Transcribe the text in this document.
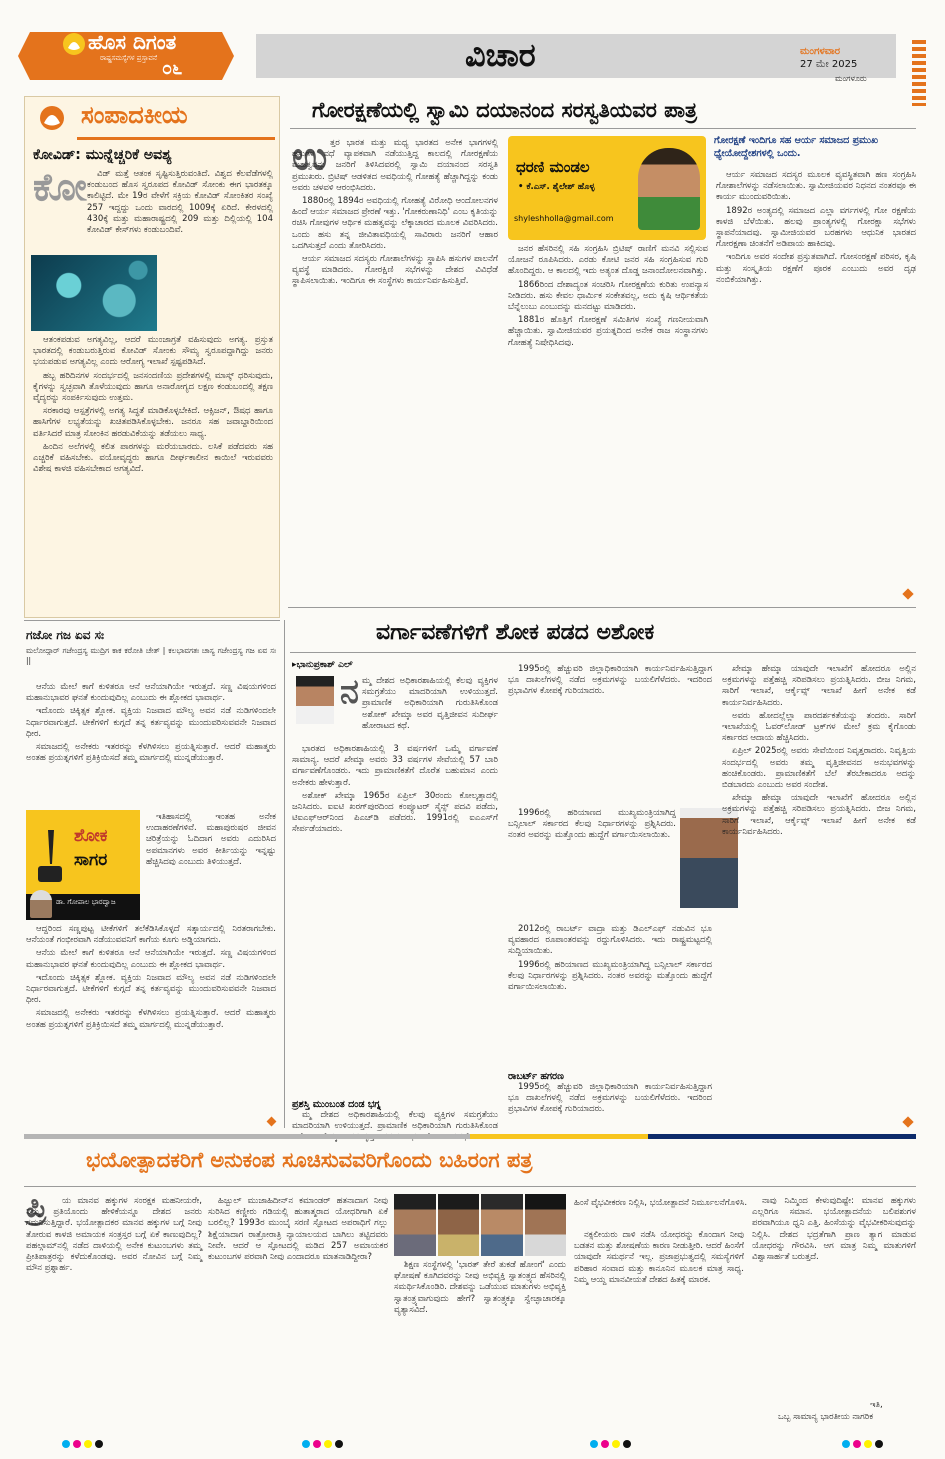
ಹೊಸ ದಿಗಂತ
ರಾಷ್ಟ್ರಸಮಸ್ಯೆಗಳ ಪ್ರಸ್ತಾವನೆ ೦೬	ವಿಚಾರ	ಮಂಗಳವಾರ
27 ಮೇ 2025
ಮಂಗಳೂರು
ಸಂಪಾದಕೀಯ
ಕೋವಿಡ್: ಮುನ್ನೆಚ್ಚರಿಕೆ ಅವಶ್ಯ
ಕೋ	ವಿಡ್ ಮತ್ತೆ ಆತಂಕ ಸೃಷ್ಟಿಸುತ್ತಿರುವಂತಿದೆ. ವಿಶ್ವದ ಕೆಲವೆಡೆಗಳಲ್ಲಿ ಕಂಡುಬಂದ ಹೊಸ ಸ್ವರೂಪದ ಕೋವಿಡ್ ಸೋಂಕು ಈಗ ಭಾರತಕ್ಕೂ ಕಾಲಿಟ್ಟಿದೆ. ಮೇ 19ರ ವೇಳೆಗೆ ಸಕ್ರಿಯ ಕೋವಿಡ್ ಸೋಂಕಿತರ ಸಂಖ್ಯೆ 257 ಇದ್ದದ್ದು ಒಂದು ವಾರದಲ್ಲಿ 1009ಕ್ಕೆ ಏರಿದೆ. ಕೇರಳದಲ್ಲಿ 430ಕ್ಕೆ ಮತ್ತು ಮಹಾರಾಷ್ಟ್ರದಲ್ಲಿ 209 ಮತ್ತು ದಿಲ್ಲಿಯಲ್ಲಿ 104 ಕೋವಿಡ್ ಕೇಸ್‌ಗಳು ಕಂಡುಬಂದಿವೆ.

ಆತಂಕಪಡುವ ಅಗತ್ಯವಿಲ್ಲ, ಆದರೆ ಮುಂಜಾಗ್ರತೆ ವಹಿಸುವುದು ಅಗತ್ಯ. ಪ್ರಸ್ತುತ ಭಾರತದಲ್ಲಿ ಕಂಡುಬರುತ್ತಿರುವ ಕೋವಿಡ್ ಸೋಂಕು ಸೌಮ್ಯ ಸ್ವರೂಪದ್ದಾಗಿದ್ದು ಜನರು ಭಯಪಡುವ ಅಗತ್ಯವಿಲ್ಲ ಎಂದು ಆರೋಗ್ಯ ಇಲಾಖೆ ಸ್ಪಷ್ಟಪಡಿಸಿದೆ.

ಹಬ್ಬ ಹರಿದಿನಗಳ ಸಂದರ್ಭದಲ್ಲಿ ಜನಸಂದಣಿಯ ಪ್ರದೇಶಗಳಲ್ಲಿ ಮಾಸ್ಕ್ ಧರಿಸುವುದು, ಕೈಗಳನ್ನು ಸ್ವಚ್ಛವಾಗಿ ತೊಳೆಯುವುದು ಹಾಗೂ ಅನಾರೋಗ್ಯದ ಲಕ್ಷಣ ಕಂಡುಬಂದಲ್ಲಿ ತಕ್ಷಣ ವೈದ್ಯರನ್ನು ಸಂಪರ್ಕಿಸುವುದು ಉತ್ತಮ.

ಸರಕಾರವು ಆಸ್ಪತ್ರೆಗಳಲ್ಲಿ ಅಗತ್ಯ ಸಿದ್ಧತೆ ಮಾಡಿಕೊಳ್ಳಬೇಕಿದೆ. ಆಕ್ಸಿಜನ್, ಔಷಧ ಹಾಗೂ ಹಾಸಿಗೆಗಳ ಲಭ್ಯತೆಯನ್ನು ಖಚಿತಪಡಿಸಿಕೊಳ್ಳಬೇಕು. ಜನರೂ ಸಹ ಜವಾಬ್ದಾರಿಯಿಂದ ವರ್ತಿಸಿದರೆ ಮಾತ್ರ ಸೋಂಕಿನ ಹರಡುವಿಕೆಯನ್ನು ತಡೆಯಲು ಸಾಧ್ಯ.

ಹಿಂದಿನ ಅಲೆಗಳಲ್ಲಿ ಕಲಿತ ಪಾಠಗಳನ್ನು ಮರೆಯಬಾರದು. ಲಸಿಕೆ ಪಡೆದವರು ಸಹ ಎಚ್ಚರಿಕೆ ವಹಿಸಬೇಕು. ವಯೋವೃದ್ಧರು ಹಾಗೂ ದೀರ್ಘಕಾಲೀನ ಕಾಯಿಲೆ ಇರುವವರು ವಿಶೇಷ ಕಾಳಜಿ ವಹಿಸಬೇಕಾದ ಅಗತ್ಯವಿದೆ.

ಗೋರಕ್ಷಣೆಯಲ್ಲಿ ಸ್ವಾಮಿ ದಯಾನಂದ ಸರಸ್ವತಿಯವರ ಪಾತ್ರ
ಗೋರಕ್ಷಣೆ ಇಂದಿಗೂ ಸಹ ಆರ್ಯ ಸಮಾಜದ ಪ್ರಮುಖ ಧ್ಯೇಯೋದ್ದೇಶಗಳಲ್ಲಿ ಒಂದು.
ಉ ತ್ತರ ಭಾರತ ಮತ್ತು ಮಧ್ಯ ಭಾರತದ ಅನೇಕ ಭಾಗಗಳಲ್ಲಿ ಹಸುಗಳ ವಧೆ ವ್ಯಾಪಕವಾಗಿ ನಡೆಯುತ್ತಿದ್ದ ಕಾಲದಲ್ಲಿ ಗೋರಕ್ಷಣೆಯ ಮಹತ್ವವನ್ನು ಜನರಿಗೆ ತಿಳಿಸಿದವರಲ್ಲಿ ಸ್ವಾಮಿ ದಯಾನಂದ ಸರಸ್ವತಿ ಪ್ರಮುಖರು. ಬ್ರಿಟಿಷ್ ಆಡಳಿತದ ಅವಧಿಯಲ್ಲಿ ಗೋಹತ್ಯೆ ಹೆಚ್ಚಾಗಿದ್ದನ್ನು ಕಂಡು ಅವರು ಚಳವಳಿ ಆರಂಭಿಸಿದರು.

1880ರಲ್ಲಿ 1894ರ ಅವಧಿಯಲ್ಲಿ ಗೋಹತ್ಯೆ ವಿರೋಧಿ ಆಂದೋಲನಗಳ ಹಿಂದೆ ಆರ್ಯ ಸಮಾಜದ ಪ್ರೇರಣೆ ಇತ್ತು. 'ಗೋಕರುಣಾನಿಧಿ' ಎಂಬ ಕೃತಿಯನ್ನು ರಚಿಸಿ ಗೋವುಗಳ ಆರ್ಥಿಕ ಮಹತ್ವವನ್ನು ಲೆಕ್ಕಾಚಾರದ ಮೂಲಕ ವಿವರಿಸಿದರು. ಒಂದು ಹಸು ತನ್ನ ಜೀವಿತಾವಧಿಯಲ್ಲಿ ಸಾವಿರಾರು ಜನರಿಗೆ ಆಹಾರ ಒದಗಿಸುತ್ತದೆ ಎಂದು ತೋರಿಸಿದರು.

ಆರ್ಯ ಸಮಾಜದ ಸದಸ್ಯರು ಗೋಶಾಲೆಗಳನ್ನು ಸ್ಥಾಪಿಸಿ ಹಸುಗಳ ಪಾಲನೆಗೆ ವ್ಯವಸ್ಥೆ ಮಾಡಿದರು. ಗೋರಕ್ಷಿಣಿ ಸಭೆಗಳನ್ನು ದೇಶದ ವಿವಿಧೆಡೆ ಸ್ಥಾಪಿಸಲಾಯಿತು. ಇಂದಿಗೂ ಈ ಸಂಸ್ಥೆಗಳು ಕಾರ್ಯನಿರ್ವಹಿಸುತ್ತಿವೆ.

ಧರಣಿ ಮಂಡಲ
• ಕೆ.ಎಸ್. ಶೈಲೇಶ್ ಹೊಳ್ಳ
shyleshholla@gmail.com

ಜನರ ಹೆಸರಿನಲ್ಲಿ ಸಹಿ ಸಂಗ್ರಹಿಸಿ ಬ್ರಿಟಿಷ್ ರಾಣಿಗೆ ಮನವಿ ಸಲ್ಲಿಸುವ ಯೋಜನೆ ರೂಪಿಸಿದರು. ಎರಡು ಕೋಟಿ ಜನರ ಸಹಿ ಸಂಗ್ರಹಿಸುವ ಗುರಿ ಹೊಂದಿದ್ದರು. ಆ ಕಾಲದಲ್ಲಿ ಇದು ಅತ್ಯಂತ ದೊಡ್ಡ ಜನಾಂದೋಲನವಾಗಿತ್ತು.

1866ರಿಂದ ದೇಶಾದ್ಯಂತ ಸಂಚರಿಸಿ ಗೋರಕ್ಷಣೆಯ ಕುರಿತು ಉಪನ್ಯಾಸ ನೀಡಿದರು. ಹಸು ಕೇವಲ ಧಾರ್ಮಿಕ ಸಂಕೇತವಲ್ಲ, ಅದು ಕೃಷಿ ಆರ್ಥಿಕತೆಯ ಬೆನ್ನೆಲುಬು ಎಂಬುದನ್ನು ಮನದಟ್ಟು ಮಾಡಿದರು.

1881ರ ಹೊತ್ತಿಗೆ ಗೋರಕ್ಷಣೆ ಸಮಿತಿಗಳ ಸಂಖ್ಯೆ ಗಣನೀಯವಾಗಿ ಹೆಚ್ಚಾಯಿತು. ಸ್ವಾಮೀಜಿಯವರ ಪ್ರಯತ್ನದಿಂದ ಅನೇಕ ರಾಜ ಸಂಸ್ಥಾನಗಳು ಗೋಹತ್ಯೆ ನಿಷೇಧಿಸಿದವು.

ಆರ್ಯ ಸಮಾಜದ ಸದಸ್ಯರ ಮೂಲಕ ವ್ಯವಸ್ಥಿತವಾಗಿ ಹಣ ಸಂಗ್ರಹಿಸಿ ಗೋಶಾಲೆಗಳನ್ನು ನಡೆಸಲಾಯಿತು. ಸ್ವಾಮೀಜಿಯವರ ನಿಧನದ ನಂತರವೂ ಈ ಕಾರ್ಯ ಮುಂದುವರಿಯಿತು.

1892ರ ಅಂತ್ಯದಲ್ಲಿ ಸಮಾಜದ ಎಲ್ಲಾ ವರ್ಗಗಳಲ್ಲಿ ಗೋ ರಕ್ಷಣೆಯ ಕಾಳಜಿ ಬೆಳೆಯಿತು. ಹಲವು ಪ್ರಾಂತ್ಯಗಳಲ್ಲಿ ಗೋರಕ್ಷಾ ಸಭೆಗಳು ಸ್ಥಾಪನೆಯಾದವು. ಸ್ವಾಮೀಜಿಯವರ ಬರಹಗಳು ಆಧುನಿಕ ಭಾರತದ ಗೋರಕ್ಷಣಾ ಚಿಂತನೆಗೆ ಅಡಿಪಾಯ ಹಾಕಿದವು.

ಇಂದಿಗೂ ಅವರ ಸಂದೇಶ ಪ್ರಸ್ತುತವಾಗಿದೆ. ಗೋಸಂರಕ್ಷಣೆ ಪರಿಸರ, ಕೃಷಿ ಮತ್ತು ಸಂಸ್ಕೃತಿಯ ರಕ್ಷಣೆಗೆ ಪೂರಕ ಎಂಬುದು ಅವರ ದೃಢ ನಂಬಿಕೆಯಾಗಿತ್ತು.

ಗಜೋ ಗಜ ಏವ ಸಃ
ಮಲೋದ್ಗಾರ್ ಗಜೇಂದ್ರಸ್ಯ ಮುದ್ರಿಗ ಕಾಕ ಕರೋತಿ ಚೇತ್ | ಕಲಭಾವಗತಃ ಚಾಸ್ಯ ಗಜೇಂದ್ರಸ್ಯ ಗಜ ಏವ ಸಃ ||

ಆನೆಯ ಮೇಲೆ ಕಾಗೆ ಕುಳಿತರೂ ಆನೆ ಆನೆಯಾಗಿಯೇ ಇರುತ್ತದೆ. ಸಣ್ಣ ವಿಷಯಗಳಿಂದ ಮಹಾನುಭಾವರ ಘನತೆ ಕುಂದುವುದಿಲ್ಲ ಎಂಬುದು ಈ ಶ್ಲೋಕದ ಭಾವಾರ್ಥ.

ಇದೊಂದು ಚಿಕ್ಕಿತ್ಸಕ ಶ್ಲೋಕ. ವ್ಯಕ್ತಿಯ ನಿಜವಾದ ಮೌಲ್ಯ ಅವನ ನಡೆ ನುಡಿಗಳಿಂದಲೇ ನಿರ್ಧಾರವಾಗುತ್ತದೆ. ಟೀಕೆಗಳಿಗೆ ಕುಗ್ಗದೆ ತನ್ನ ಕರ್ತವ್ಯವನ್ನು ಮುಂದುವರಿಸುವವನೇ ನಿಜವಾದ ಧೀರ.

ಸಮಾಜದಲ್ಲಿ ಅನೇಕರು ಇತರರನ್ನು ಕೆಳಗಿಳಿಸಲು ಪ್ರಯತ್ನಿಸುತ್ತಾರೆ. ಆದರೆ ಮಹಾತ್ಮರು ಅಂತಹ ಪ್ರಯತ್ನಗಳಿಗೆ ಪ್ರತಿಕ್ರಿಯಿಸದೆ ತಮ್ಮ ಮಾರ್ಗದಲ್ಲಿ ಮುನ್ನಡೆಯುತ್ತಾರೆ.

ಶೋಕ
ಸಾಗರ
ಡಾ. ಗೋಪಾಲ ಭಾರದ್ವಾಜ

ಇತಿಹಾಸದಲ್ಲಿ ಇಂತಹ ಅನೇಕ ಉದಾಹರಣೆಗಳಿವೆ. ಮಹಾಪುರುಷರ ಜೀವನ ಚರಿತ್ರೆಯನ್ನು ಓದಿದಾಗ ಅವರು ಎದುರಿಸಿದ ಅಪಮಾನಗಳು ಅವರ ಕೀರ್ತಿಯನ್ನು ಇನ್ನಷ್ಟು ಹೆಚ್ಚಿಸಿದವು ಎಂಬುದು ತಿಳಿಯುತ್ತದೆ.

ಆದ್ದರಿಂದ ಸಣ್ಣಪುಟ್ಟ ಟೀಕೆಗಳಿಗೆ ತಲೆಕೆಡಿಸಿಕೊಳ್ಳದೆ ಸತ್ಕಾರ್ಯದಲ್ಲಿ ನಿರತರಾಗಬೇಕು. ಆನೆಯಂತೆ ಗಂಭೀರವಾಗಿ ನಡೆಯುವವನಿಗೆ ಕಾಗೆಯ ಕೂಗು ಅಡ್ಡಿಯಾಗದು.

ಆನೆಯ ಮೇಲೆ ಕಾಗೆ ಕುಳಿತರೂ ಆನೆ ಆನೆಯಾಗಿಯೇ ಇರುತ್ತದೆ. ಸಣ್ಣ ವಿಷಯಗಳಿಂದ ಮಹಾನುಭಾವರ ಘನತೆ ಕುಂದುವುದಿಲ್ಲ ಎಂಬುದು ಈ ಶ್ಲೋಕದ ಭಾವಾರ್ಥ.

ಇದೊಂದು ಚಿಕ್ಕಿತ್ಸಕ ಶ್ಲೋಕ. ವ್ಯಕ್ತಿಯ ನಿಜವಾದ ಮೌಲ್ಯ ಅವನ ನಡೆ ನುಡಿಗಳಿಂದಲೇ ನಿರ್ಧಾರವಾಗುತ್ತದೆ. ಟೀಕೆಗಳಿಗೆ ಕುಗ್ಗದೆ ತನ್ನ ಕರ್ತವ್ಯವನ್ನು ಮುಂದುವರಿಸುವವನೇ ನಿಜವಾದ ಧೀರ.

ಸಮಾಜದಲ್ಲಿ ಅನೇಕರು ಇತರರನ್ನು ಕೆಳಗಿಳಿಸಲು ಪ್ರಯತ್ನಿಸುತ್ತಾರೆ. ಆದರೆ ಮಹಾತ್ಮರು ಅಂತಹ ಪ್ರಯತ್ನಗಳಿಗೆ ಪ್ರತಿಕ್ರಿಯಿಸದೆ ತಮ್ಮ ಮಾರ್ಗದಲ್ಲಿ ಮುನ್ನಡೆಯುತ್ತಾರೆ.

ವರ್ಗಾವಣೆಗಳಿಗೆ ಶೋಕ ಪಡದ ಅಶೋಕ
▸ಭಾನುಪ್ರಕಾಶ್ ಎಲ್
ನ ಮ್ಮ ದೇಶದ ಅಧಿಕಾರಶಾಹಿಯಲ್ಲಿ ಕೆಲವು ವ್ಯಕ್ತಿಗಳ ಸಮಗ್ರತೆಯು ಮಾದರಿಯಾಗಿ ಉಳಿಯುತ್ತದೆ. ಪ್ರಾಮಾಣಿಕ ಅಧಿಕಾರಿಯಾಗಿ ಗುರುತಿಸಿಕೊಂಡ ಅಶೋಕ್ ಖೇಮ್ಕಾ ಅವರ ವೃತ್ತಿಜೀವನ ಸುದೀರ್ಘ ಹೋರಾಟದ ಕಥೆ.

ಭಾರತದ ಅಧಿಕಾರಶಾಹಿಯಲ್ಲಿ 3 ವರ್ಷಗಳಿಗೆ ಒಮ್ಮೆ ವರ್ಗಾವಣೆ ಸಾಮಾನ್ಯ. ಆದರೆ ಖೇಮ್ಕಾ ಅವರು 33 ವರ್ಷಗಳ ಸೇವೆಯಲ್ಲಿ 57 ಬಾರಿ ವರ್ಗಾವಣೆಗೊಂಡರು. ಇದು ಪ್ರಾಮಾಣಿಕತೆಗೆ ದೊರೆತ ಬಹುಮಾನ ಎಂದು ಅನೇಕರು ಹೇಳುತ್ತಾರೆ.

ಅಶೋಕ್ ಖೇಮ್ಕಾ 1965ರ ಏಪ್ರಿಲ್ 30ರಂದು ಕೋಲ್ಕತ್ತಾದಲ್ಲಿ ಜನಿಸಿದರು. ಐಐಟಿ ಖರಗ್‌ಪುರದಿಂದ ಕಂಪ್ಯೂಟರ್ ಸೈನ್ಸ್ ಪದವಿ ಪಡೆದು, ಟಿಐಎಫ್‌ಆರ್‌ನಿಂದ ಪಿಎಚ್‌ಡಿ ಪಡೆದರು. 1991ರಲ್ಲಿ ಐಎಎಸ್‌ಗೆ ಸೇರ್ಪಡೆಯಾದರು.

ಪ್ರಶಸ್ತಿ ಮುಂಬಂತ ದಂಡ ಭಗ್ನ

ಮ್ಮ ದೇಶದ ಅಧಿಕಾರಶಾಹಿಯಲ್ಲಿ ಕೆಲವು ವ್ಯಕ್ತಿಗಳ ಸಮಗ್ರತೆಯು ಮಾದರಿಯಾಗಿ ಉಳಿಯುತ್ತದೆ. ಪ್ರಾಮಾಣಿಕ ಅಧಿಕಾರಿಯಾಗಿ ಗುರುತಿಸಿಕೊಂಡ

1995ರಲ್ಲಿ ಹೆಚ್ಚುವರಿ ಜಿಲ್ಲಾಧಿಕಾರಿಯಾಗಿ ಕಾರ್ಯನಿರ್ವಹಿಸುತ್ತಿದ್ದಾಗ ಭೂ ದಾಖಲೆಗಳಲ್ಲಿ ನಡೆದ ಅಕ್ರಮಗಳನ್ನು ಬಯಲಿಗೆಳೆದರು. ಇದರಿಂದ ಪ್ರಭಾವಿಗಳ ಕೋಪಕ್ಕೆ ಗುರಿಯಾದರು.

1996ರಲ್ಲಿ ಹರಿಯಾಣದ ಮುಖ್ಯಮಂತ್ರಿಯಾಗಿದ್ದ ಬನ್ಸಿಲಾಲ್ ಸರ್ಕಾರದ ಕೆಲವು ನಿರ್ಧಾರಗಳನ್ನು ಪ್ರಶ್ನಿಸಿದರು. ನಂತರ ಅವರನ್ನು ಮತ್ತೊಂದು ಹುದ್ದೆಗೆ ವರ್ಗಾಯಿಸಲಾಯಿತು.

2012ರಲ್ಲಿ ರಾಬರ್ಟ್ ವಾದ್ರಾ ಮತ್ತು ಡಿಎಲ್‌ಎಫ್ ನಡುವಿನ ಭೂ ವ್ಯವಹಾರದ ರೂಪಾಂತರವನ್ನು ರದ್ದುಗೊಳಿಸಿದರು. ಇದು ರಾಷ್ಟ್ರಮಟ್ಟದಲ್ಲಿ ಸುದ್ದಿಯಾಯಿತು.

1996ರಲ್ಲಿ ಹರಿಯಾಣದ ಮುಖ್ಯಮಂತ್ರಿಯಾಗಿದ್ದ ಬನ್ಸಿಲಾಲ್ ಸರ್ಕಾರದ ಕೆಲವು ನಿರ್ಧಾರಗಳನ್ನು ಪ್ರಶ್ನಿಸಿದರು. ನಂತರ ಅವರನ್ನು ಮತ್ತೊಂದು ಹುದ್ದೆಗೆ ವರ್ಗಾಯಿಸಲಾಯಿತು.

ರಾಬರ್ಟ್ ಹಗರಣ

1995ರಲ್ಲಿ ಹೆಚ್ಚುವರಿ ಜಿಲ್ಲಾಧಿಕಾರಿಯಾಗಿ ಕಾರ್ಯನಿರ್ವಹಿಸುತ್ತಿದ್ದಾಗ ಭೂ ದಾಖಲೆಗಳಲ್ಲಿ ನಡೆದ ಅಕ್ರಮಗಳನ್ನು ಬಯಲಿಗೆಳೆದರು. ಇದರಿಂದ ಪ್ರಭಾವಿಗಳ ಕೋಪಕ್ಕೆ ಗುರಿಯಾದರು.

ಖೇಮ್ಕಾ ಹೇಮ್ಕಾ ಯಾವುದೇ ಇಲಾಖೆಗೆ ಹೋದರೂ ಅಲ್ಲಿನ ಅಕ್ರಮಗಳನ್ನು ಪತ್ತೆಹಚ್ಚಿ ಸರಿಪಡಿಸಲು ಪ್ರಯತ್ನಿಸಿದರು. ಬೀಜ ನಿಗಮ, ಸಾರಿಗೆ ಇಲಾಖೆ, ಆರ್ಕೈವ್ಸ್ ಇಲಾಖೆ ಹೀಗೆ ಅನೇಕ ಕಡೆ ಕಾರ್ಯನಿರ್ವಹಿಸಿದರು.

ಅವರು ಹೋದಲ್ಲೆಲ್ಲಾ ಪಾರದರ್ಶಕತೆಯನ್ನು ತಂದರು. ಸಾರಿಗೆ ಇಲಾಖೆಯಲ್ಲಿ ಓವರ್‌ಲೋಡ್ ಟ್ರಕ್‌ಗಳ ಮೇಲೆ ಕ್ರಮ ಕೈಗೊಂಡು ಸರ್ಕಾರದ ಆದಾಯ ಹೆಚ್ಚಿಸಿದರು.

ಏಪ್ರಿಲ್ 2025ರಲ್ಲಿ ಅವರು ಸೇವೆಯಿಂದ ನಿವೃತ್ತರಾದರು. ನಿವೃತ್ತಿಯ ಸಂದರ್ಭದಲ್ಲಿ ಅವರು ತಮ್ಮ ವೃತ್ತಿಜೀವನದ ಅನುಭವಗಳನ್ನು ಹಂಚಿಕೊಂಡರು. ಪ್ರಾಮಾಣಿಕತೆಗೆ ಬೆಲೆ ತೆರಬೇಕಾದರೂ ಅದನ್ನು ಬಿಡಬಾರದು ಎಂಬುದು ಅವರ ಸಂದೇಶ.

ಖೇಮ್ಕಾ ಹೇಮ್ಕಾ ಯಾವುದೇ ಇಲಾಖೆಗೆ ಹೋದರೂ ಅಲ್ಲಿನ ಅಕ್ರಮಗಳನ್ನು ಪತ್ತೆಹಚ್ಚಿ ಸರಿಪಡಿಸಲು ಪ್ರಯತ್ನಿಸಿದರು. ಬೀಜ ನಿಗಮ, ಸಾರಿಗೆ ಇಲಾಖೆ, ಆರ್ಕೈವ್ಸ್ ಇಲಾಖೆ ಹೀಗೆ ಅನೇಕ ಕಡೆ ಕಾರ್ಯನಿರ್ವಹಿಸಿದರು.

ಭಯೋತ್ಪಾದಕರಿಗೆ ಅನುಕಂಪ ಸೂಚಿಸುವವರಿಗೊಂದು ಬಹಿರಂಗ ಪತ್ರ
ಪ್ರಿ	ಯ ಮಾನವ ಹಕ್ಕುಗಳ ಸಂರಕ್ಷಕ ಮಹನೀಯರೇ, ನಿಮ್ಮ ಪ್ರತಿಯೊಂದು ಹೇಳಿಕೆಯನ್ನೂ ದೇಶದ ಜನರು ಗಮನಿಸುತ್ತಿದ್ದಾರೆ. ಭಯೋತ್ಪಾದಕರ ಮಾನವ ಹಕ್ಕುಗಳ ಬಗ್ಗೆ ನೀವು ತೋರುವ ಕಾಳಜಿ ಅಮಾಯಕ ಸಂತ್ರಸ್ತರ ಬಗ್ಗೆ ಏಕೆ ಕಾಣುವುದಿಲ್ಲ? ಪಹಲ್ಗಾಮ್‌ನಲ್ಲಿ ನಡೆದ ದಾಳಿಯಲ್ಲಿ ಅನೇಕ ಕುಟುಂಬಗಳು ತಮ್ಮ ಪ್ರೀತಿಪಾತ್ರರನ್ನು ಕಳೆದುಕೊಂಡವು. ಅವರ ನೋವಿನ ಬಗ್ಗೆ ನಿಮ್ಮ ಮೌನ ಪ್ರಶ್ನಾರ್ಹ.

ಹಿಜ್ಬುಲ್ ಮುಜಾಹಿದೀನ್‌ನ ಕಮಾಂಡರ್ ಹತನಾದಾಗ ನೀವು ಸುರಿಸಿದ ಕಣ್ಣೀರು ಗಡಿಯಲ್ಲಿ ಹುತಾತ್ಮರಾದ ಯೋಧರಿಗಾಗಿ ಏಕೆ ಬರಲಿಲ್ಲ? 1993ರ ಮುಂಬೈ ಸರಣಿ ಸ್ಫೋಟದ ಅಪರಾಧಿಗೆ ಗಲ್ಲು ಶಿಕ್ಷೆಯಾದಾಗ ರಾತ್ರೋರಾತ್ರಿ ನ್ಯಾಯಾಲಯದ ಬಾಗಿಲು ತಟ್ಟಿದವರು ನೀವೇ. ಆದರೆ ಆ ಸ್ಫೋಟದಲ್ಲಿ ಮಡಿದ 257 ಅಮಾಯಕರ ಕುಟುಂಬಗಳ ಪರವಾಗಿ ನೀವು ಎಂದಾದರೂ ಮಾತನಾಡಿದ್ದೀರಾ?

ಹಿಂಸೆ ವೈಭವೀಕರಣ ನಿಲ್ಲಿಸಿ, ಭಯೋತ್ಪಾದನೆ ನಿರ್ಮೂಲನೆಗೊಳಿಸಿ.

ಶಿಕ್ಷಣ ಸಂಸ್ಥೆಗಳಲ್ಲಿ 'ಭಾರತ್ ತೇರೆ ತುಕಡೆ ಹೋಂಗೆ' ಎಂದು ಘೋಷಣೆ ಕೂಗಿದವರನ್ನು ನೀವು ಅಭಿವ್ಯಕ್ತಿ ಸ್ವಾತಂತ್ರ್ಯದ ಹೆಸರಿನಲ್ಲಿ ಸಮರ್ಥಿಸಿಕೊಂಡಿರಿ. ದೇಶವನ್ನು ಒಡೆಯುವ ಮಾತುಗಳು ಅಭಿವ್ಯಕ್ತಿ ಸ್ವಾತಂತ್ರ್ಯವಾಗುವುದು ಹೇಗೆ? ಸ್ವಾತಂತ್ರ್ಯಕ್ಕೂ ಸ್ವೇಚ್ಛಾಚಾರಕ್ಕೂ ವ್ಯತ್ಯಾಸವಿದೆ.

ನಕ್ಸಲೀಯರು ದಾಳಿ ನಡೆಸಿ ಯೋಧರನ್ನು ಕೊಂದಾಗ ನೀವು ಬಡತನ ಮತ್ತು ಶೋಷಣೆಯ ಕಾರಣ ನೀಡುತ್ತೀರಿ. ಆದರೆ ಹಿಂಸೆಗೆ ಯಾವುದೇ ಸಮರ್ಥನೆ ಇಲ್ಲ. ಪ್ರಜಾಪ್ರಭುತ್ವದಲ್ಲಿ ಸಮಸ್ಯೆಗಳಿಗೆ ಪರಿಹಾರ ಸಂವಾದ ಮತ್ತು ಕಾನೂನಿನ ಮೂಲಕ ಮಾತ್ರ ಸಾಧ್ಯ. ನಿಮ್ಮ ಆಯ್ದ ಮಾನವೀಯತೆ ದೇಶದ ಹಿತಕ್ಕೆ ಮಾರಕ.

ನಾವು ನಿಮ್ಮಿಂದ ಕೇಳುವುದಿಷ್ಟೇ: ಮಾನವ ಹಕ್ಕುಗಳು ಎಲ್ಲರಿಗೂ ಸಮಾನ. ಭಯೋತ್ಪಾದನೆಯ ಬಲಿಪಶುಗಳ ಪರವಾಗಿಯೂ ಧ್ವನಿ ಎತ್ತಿ. ಹಿಂಸೆಯನ್ನು ವೈಭವೀಕರಿಸುವುದನ್ನು ನಿಲ್ಲಿಸಿ. ದೇಶದ ಭದ್ರತೆಗಾಗಿ ಪ್ರಾಣ ತ್ಯಾಗ ಮಾಡುವ ಯೋಧರನ್ನು ಗೌರವಿಸಿ. ಆಗ ಮಾತ್ರ ನಿಮ್ಮ ಮಾತುಗಳಿಗೆ ವಿಶ್ವಾಸಾರ್ಹತೆ ಬರುತ್ತದೆ.

ಇತಿ,
ಒಬ್ಬ ಸಾಮಾನ್ಯ ಭಾರತೀಯ ನಾಗರಿಕ
